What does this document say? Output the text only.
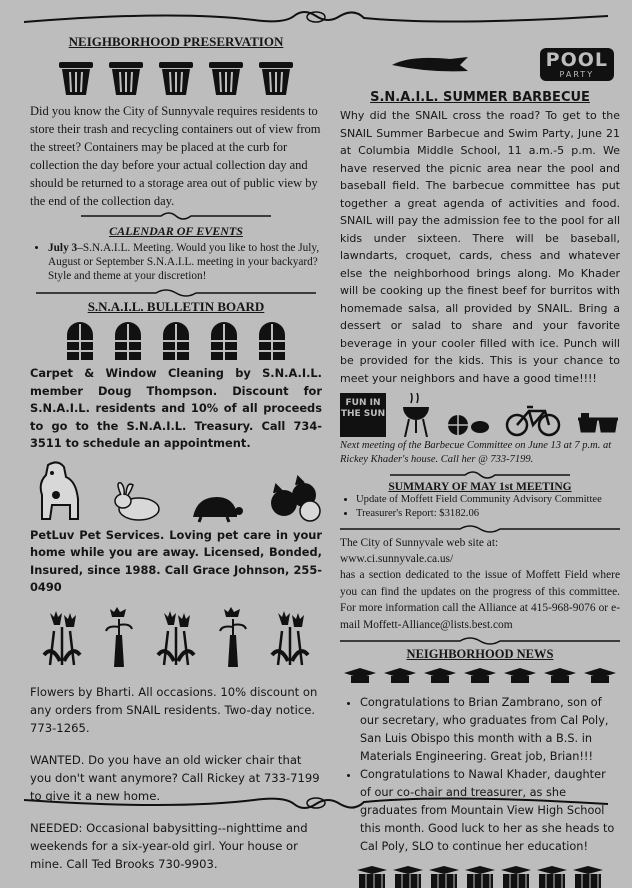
NEIGHBORHOOD PRESERVATION

Did you know the City of Sunnyvale requires residents to store their trash and recycling containers out of view from the street? Containers may be placed at the curb for collection the day before your actual collection day and should be returned to a storage area out of public view by the end of the collection day.

CALENDAR OF EVENTS
• July 3–S.N.A.I.L. Meeting. Would you like to host the July, August or September S.N.A.I.L. meeting in your backyard? Style and theme at your discretion!
S.N.A.I.L. BULLETIN BOARD

Carpet & Window Cleaning by S.N.A.I.L. member Doug Thompson. Discount for S.N.A.I.L. residents and 10% of all proceeds to go to the S.N.A.I.L. Treasury. Call 734-3511 to schedule an appointment.

PetLuv Pet Services. Loving pet care in your home while you are away. Licensed, Bonded, Insured, since 1988. Call Grace Johnson, 255-0490

Flowers by Bharti. All occasions. 10% discount on any orders from SNAIL residents. Two-day notice. 773-1265.

WANTED. Do you have an old wicker chair that you don't want anymore? Call Rickey at 733-7199 to give it a new home.

NEEDED: Occasional babysitting--nighttime and weekends for a six-year-old girl. Your house or mine. Call Ted Brooks 730-9903.

POOL
PARTY
S.N.A.I.L. SUMMER BARBECUE

Why did the SNAIL cross the road? To get to the SNAIL Summer Barbecue and Swim Party, June 21 at Columbia Middle School, 11 a.m.-5 p.m. We have reserved the picnic area near the pool and baseball field. The barbecue committee has put together a great agenda of activities and food. SNAIL will pay the admission fee to the pool for all kids under sixteen. There will be baseball, lawndarts, croquet, cards, chess and whatever else the neighborhood brings along. Mo Khader will be cooking up the finest beef for burritos with homemade salsa, all provided by SNAIL. Bring a dessert or salad to share and your favorite beverage in your cooler filled with ice. Punch will be provided for the kids. This is your chance to meet your neighbors and have a good time!!!!

FUN IN THE SUN

Next meeting of the Barbecue Committee on June 13 at 7 p.m. at Rickey Khader's house. Call her @ 733-7199.

SUMMARY OF MAY 1st MEETING
• Update of Moffett Field Community Advisory Committee
• Treasurer's Report: $3182.06

The City of Sunnyvale web site at:

www.ci.sunnyvale.ca.us/

has a section dedicated to the issue of Moffett Field where you can find the updates on the progress of this committee. For more information call the Alliance at 415-968-9076 or e-mail Moffett-Alliance@lists.best.com

NEIGHBORHOOD NEWS
• Congratulations to Brian Zambrano, son of our secretary, who graduates from Cal Poly, San Luis Obispo this month with a B.S. in Materials Engineering. Great job, Brian!!!
• Congratulations to Nawal Khader, daughter of our co-chair and treasurer, as she graduates from Mountain View High School this month. Good luck to her as she heads to Cal Poly, SLO to continue her education!
